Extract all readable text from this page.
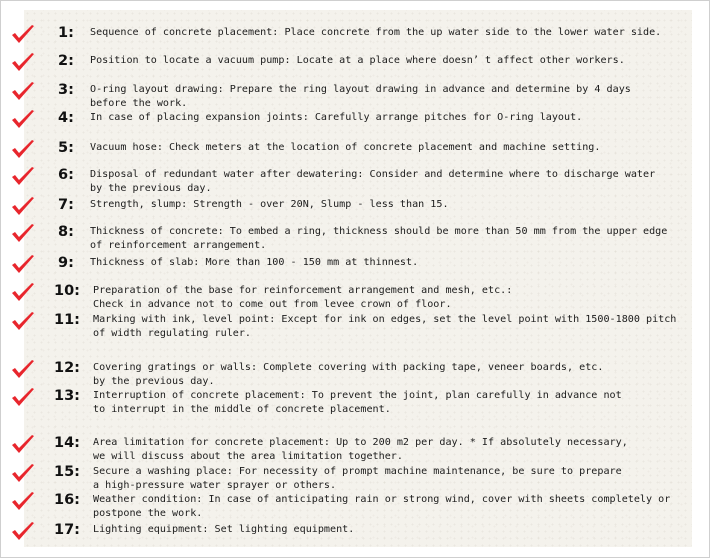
1:	Sequence of concrete placement: Place concrete from the up water side to the lower water side.
2:	Position to locate a vacuum pump: Locate at a place where doesn’ t affect other workers.
3:	O-ring layout drawing: Prepare the ring layout drawing in advance and determine by 4 days
before the work.
4:	In case of placing expansion joints: Carefully arrange pitches for O-ring layout.
5:	Vacuum hose: Check meters at the location of concrete placement and machine setting.
6:	Disposal of redundant water after dewatering: Consider and determine where to discharge water
by the previous day.
7:	Strength, slump: Strength - over 20N, Slump - less than 15.
8:	Thickness of concrete: To embed a ring, thickness should be more than 50 mm from the upper edge
of reinforcement arrangement.
9:	Thickness of slab: More than 100 - 150 mm at thinnest.
10:	Preparation of the base for reinforcement arrangement and mesh, etc.:
Check in advance not to come out from levee crown of floor.
11:	Marking with ink, level point: Except for ink on edges, set the level point with 1500-1800 pitch
of width regulating ruler.
12:	Covering gratings or walls: Complete covering with packing tape, veneer boards, etc.
by the previous day.
13:	Interruption of concrete placement: To prevent the joint, plan carefully in advance not
to interrupt in the middle of concrete placement.
14:	Area limitation for concrete placement: Up to 200 m2 per day. * If absolutely necessary,
we will discuss about the area limitation together.
15:	Secure a washing place: For necessity of prompt machine maintenance, be sure to prepare
a high-pressure water sprayer or others.
16:	Weather condition: In case of anticipating rain or strong wind, cover with sheets completely or
postpone the work.
17:	Lighting equipment: Set lighting equipment.
